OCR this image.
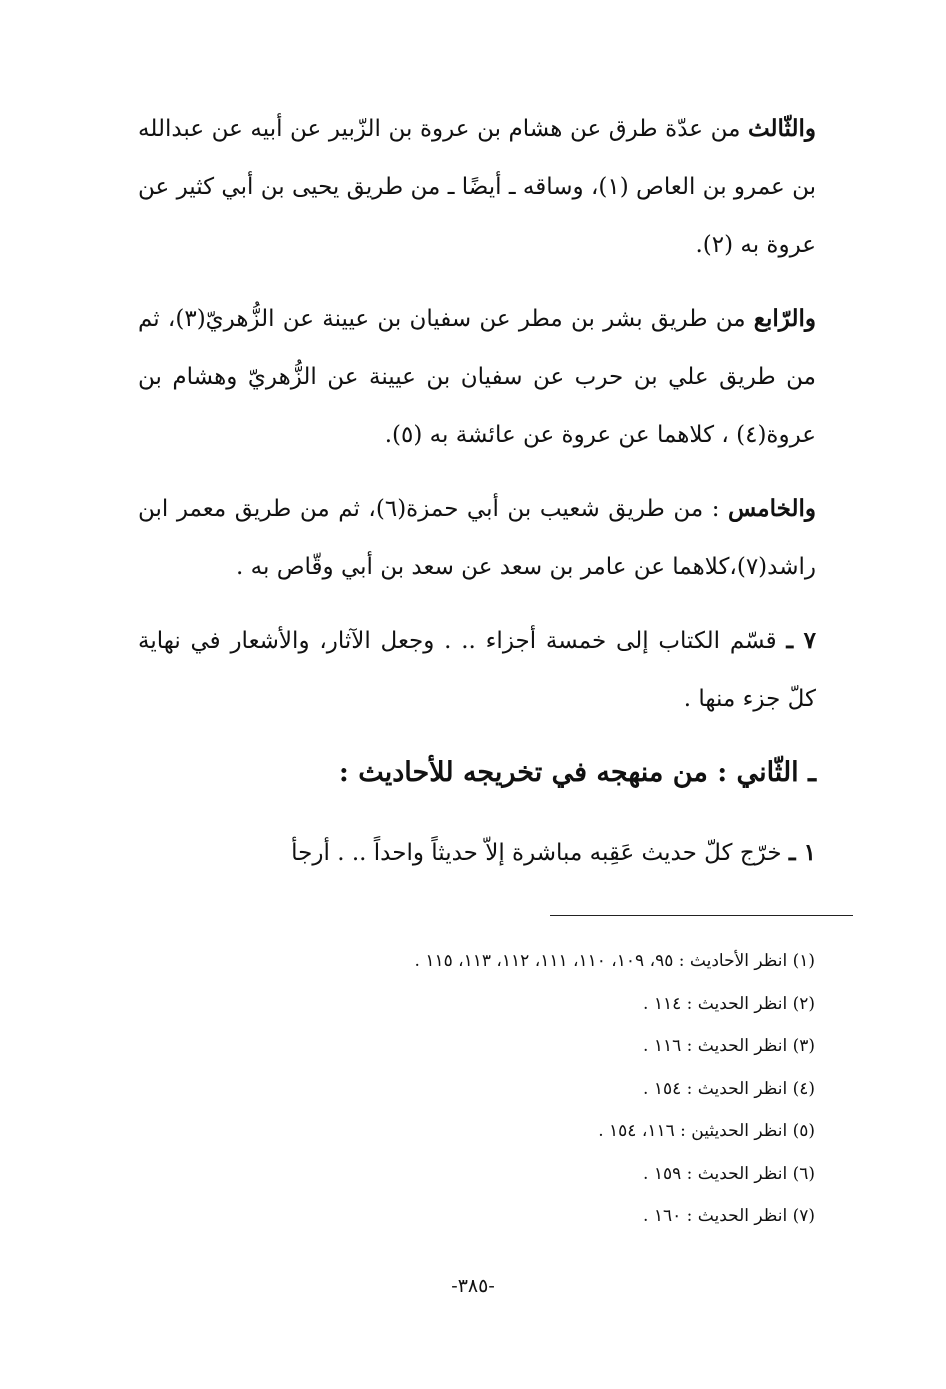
والثّالث من عدّة طرق عن هشام بن عروة بن الزّبير عن أبيه عن عبدالله بن عمرو بن العاص (١)، وساقه ـ أيضًا ـ من طريق يحيى بن أبي كثير عن عروة به (٢).

والرّابع من طريق بشر بن مطر عن سفيان بن عيينة عن الزُّهريّ(٣)، ثم من طريق علي بن حرب عن سفيان بن عيينة عن الزُّهريّ وهشام بن عروة(٤) ، كلاهما عن عروة عن عائشة به (٥).

والخامس : من طريق شعيب بن أبي حمزة(٦)، ثم من طريق معمر ابن راشد(٧)،كلاهما عن عامر بن سعد عن سعد بن أبي وقّاص به .

٧ ـ قسّم الكتاب إلى خمسة أجزاء .. . وجعل الآثار، والأشعار في نهاية كلّ جزء منها .

ـ الثّاني : من منهجه في تخريجه للأحاديث :

١ ـ خرّج كلّ حديث عَقِبه مباشرة إلاّ حديثاً واحداً .. . أرجأ

(١) انظر الأحاديث : ٩٥، ١٠٩، ١١٠، ١١١، ١١٢، ١١٣، ١١٥ .

(٢) انظر الحديث : ١١٤ .

(٣) انظر الحديث : ١١٦ .

(٤) انظر الحديث : ١٥٤ .

(٥) انظر الحديثين : ١١٦، ١٥٤ .

(٦) انظر الحديث : ١٥٩ .

(٧) انظر الحديث : ١٦٠ .

-٣٨٥-
